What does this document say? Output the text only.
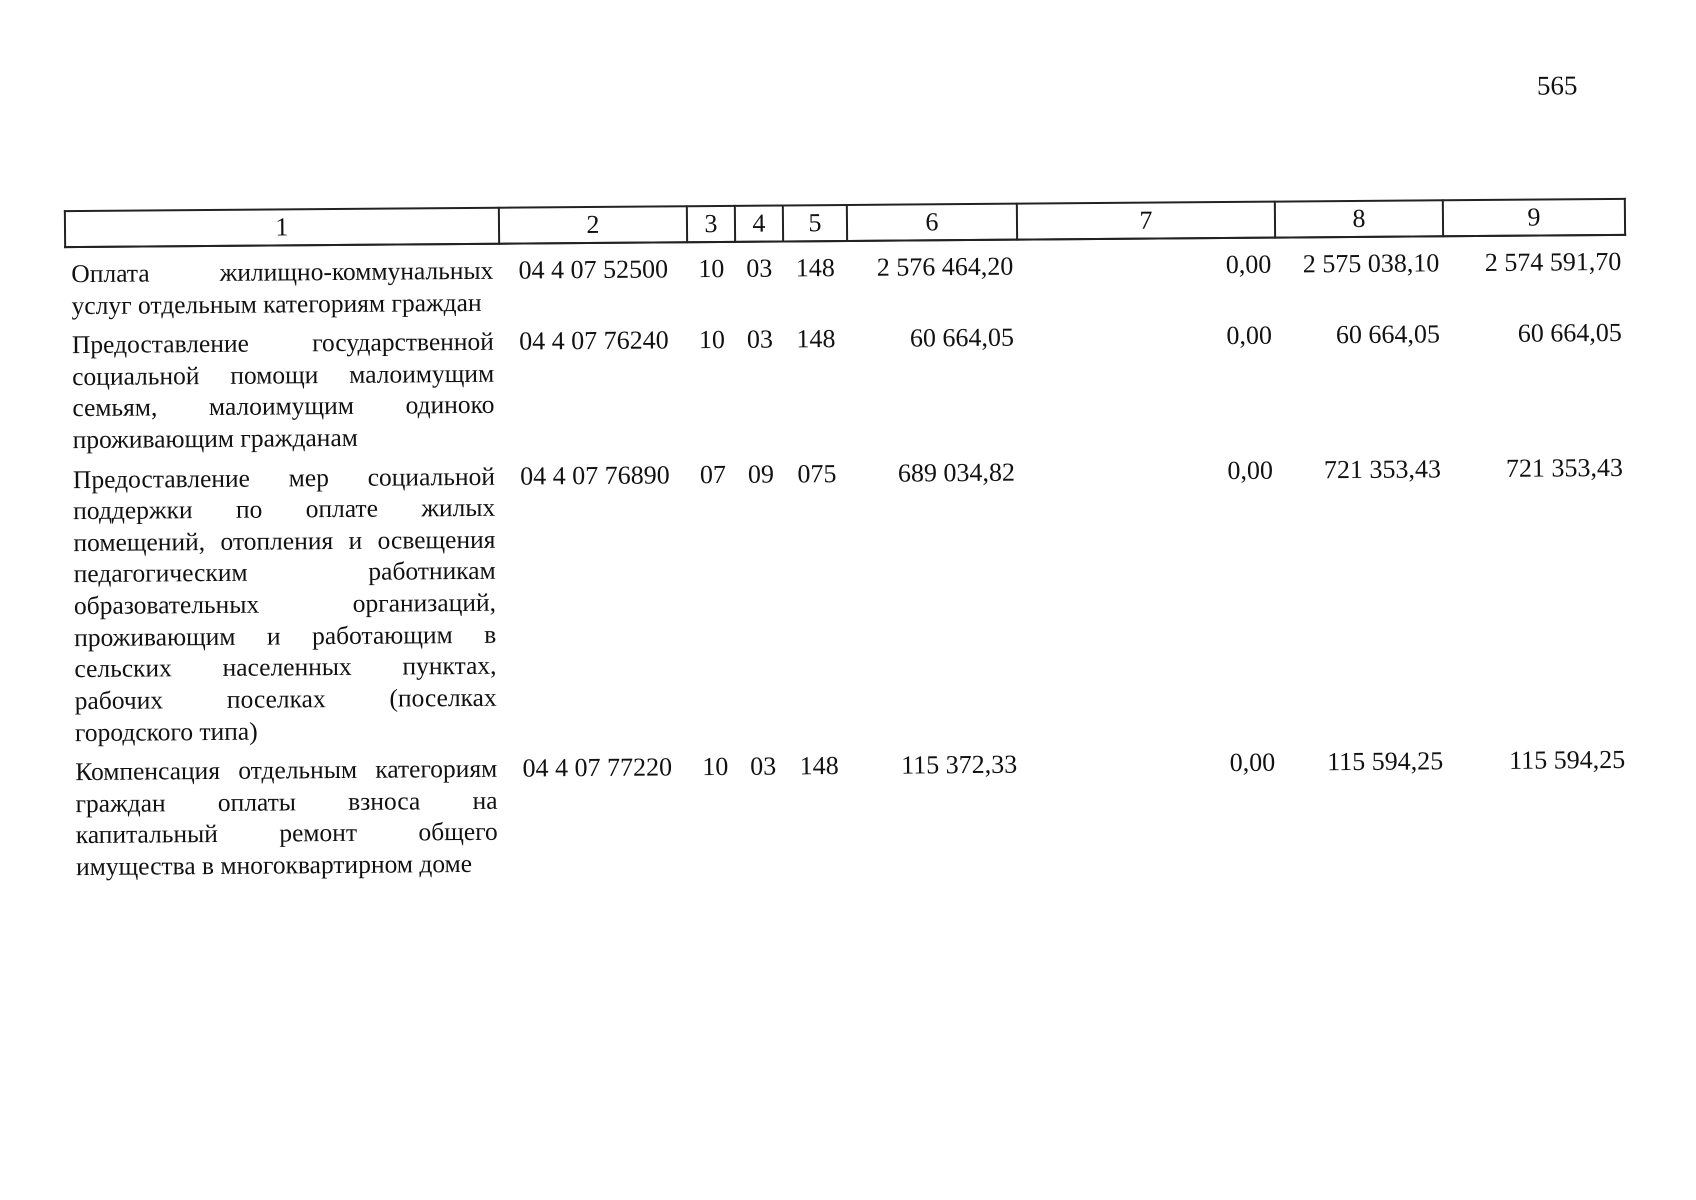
565
1	2	3	4	5	6	7	8	9
Оплата жилищно-коммунальных услуг отдельным категориям граждан	04 4 07 52500	10	03	148	2 576 464,20	0,00	2 575 038,10	2 574 591,70
Предоставление государственной социальной помощи малоимущим семьям, малоимущим одиноко проживающим гражданам	04 4 07 76240	10	03	148	60 664,05	0,00	60 664,05	60 664,05
Предоставление мер социальной поддержки по оплате жилых помещений, отопления и освещения педагогическим работникам образовательных организаций, проживающим и работающим в сельских населенных пунктах, рабочих поселках (поселках городского типа)	04 4 07 76890	07	09	075	689 034,82	0,00	721 353,43	721 353,43
Компенсация отдельным категориям граждан оплаты взноса на капитальный ремонт общего имущества в многоквартирном доме	04 4 07 77220	10	03	148	115 372,33	0,00	115 594,25	115 594,25
